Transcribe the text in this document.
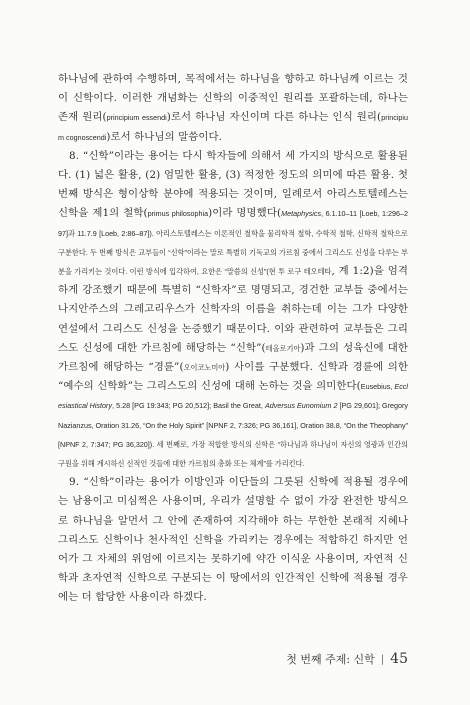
하나님에 관하여 수행하며, 목적에서는 하나님을 향하고 하나님께 이르는 것이 신학이다. 이러한 개념화는 신학의 이중적인 원리를 포괄하는데, 하나는 존재 원리(principium essendi)로서 하나님 자신이며 다른 하나는 인식 원리(principium cognoscendi)로서 하나님의 말씀이다.

8. “신학”이라는 용어는 다시 학자들에 의해서 세 가지의 방식으로 활용된다. (1) 넓은 활용, (2) 엄밀한 활용, (3) 적정한 정도의 의미에 따른 활용. 첫 번째 방식은 형이상학 분야에 적용되는 것이며, 일례로서 아리스토텔레스는 신학을 제1의 철학(primus philosophia)이라 명명했다(Metaphysics, 6.1.10–11 [Loeb, 1:296–297]과 11.7.9 [Loeb, 2:86–87]). 아리스토텔레스는 이론적인 철학을 물리학적 철학, 수학적 철학, 신학적 철학으로 구분한다. 두 번째 방식은 교부들이 “신학”이라는 말로 특별히 기독교의 가르침 중에서 그리스도 신성을 다루는 부분을 가리키는 것이다. 이런 방식에 입각하여, 요한은 “말씀의 신성”(현 투 로구 테오테타, 계 1:2)을 엄격하게 강조했기 때문에 특별히 “신학자”로 명명되고, 경건한 교부들 중에서는 나지안주스의 그레고리우스가 신학자의 이름을 취하는데 이는 그가 다양한 연설에서 그리스도 신성을 논증했기 때문이다. 이와 관련하여 교부들은 그리스도 신성에 대한 가르침에 해당하는 “신학”(테올로기아)과 그의 성육신에 대한 가르침에 해당하는 “경륜”(오이코노미아) 사이를 구분했다. 신학과 경륜에 의한 “예수의 신학화”는 그리스도의 신성에 대해 논하는 것을 의미한다(Eusebius, Ecclesiastical History, 5.28 [PG 19:343; PG 20,512]; Basil the Great, Adversus Eunomium 2 [PG 29,601]; Gregory Nazianzus, Oration 31.26, “On the Holy Spirit” [NPNF 2, 7:326; PG 36,161], Oration 38.8, “On the Theophany” [NPNF 2, 7:347; PG 36,320]). 세 번째로, 가장 적합한 방식의 신학은 “하나님과 하나님이 자신의 영광과 인간의 구원을 위해 계시하신 신적인 것들에 대한 가르침의 총화 또는 체계”를 가리킨다.

9. “신학”이라는 용어가 이방인과 이단들의 그릇된 신학에 적용될 경우에는 남용이고 미심쩍은 사용이며, 우리가 설명할 수 없이 가장 완전한 방식으로 하나님을 알먼서 그 안에 존재하여 지각해야 하는 무한한 본래적 지혜나 그리스도 신학이나 천사적인 신학을 가리키는 경우에는 적합하긴 하지만 언어가 그 자체의 위엄에 이르지는 못하기에 약간 이식운 사용이며, 자연적 신학과 초자연적 신학으로 구분되는 이 땅에서의 인간적인 신학에 적용될 경우에는 더 합당한 사용이라 하겠다.

첫 번째 주제: 신학 | 45
